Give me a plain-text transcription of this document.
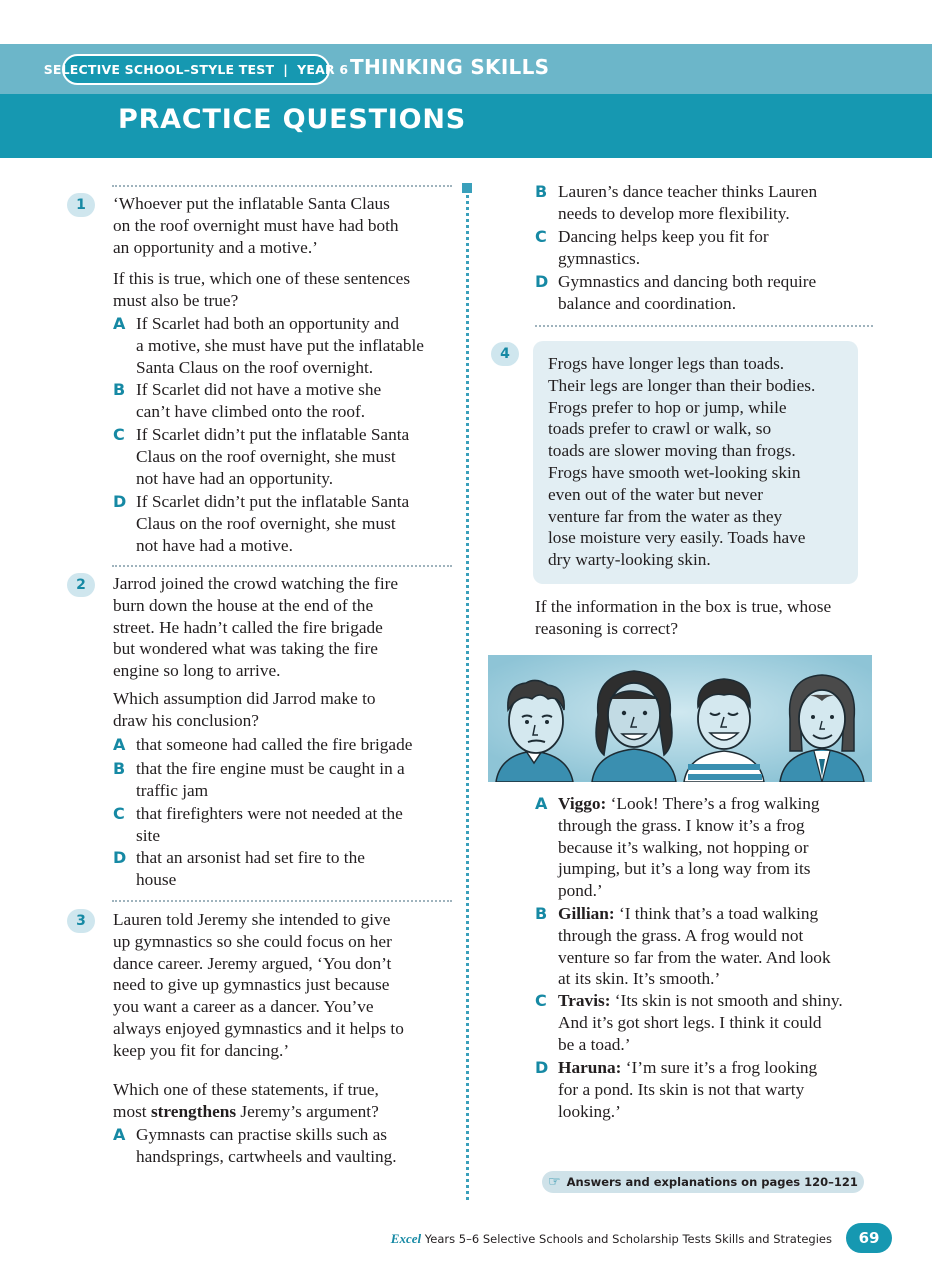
SELECTIVE SCHOOL–STYLE TEST  |  YEAR 6 THINKING SKILLS
PRACTICE QUESTIONS
1	‘Whoever put the inflatable Santa Claus
on the roof overnight must have had both
an opportunity and a motive.’
If this is true, which one of these sentences
must also be true?
A If Scarlet had both an opportunity and
a motive, she must have put the inflatable
Santa Claus on the roof overnight.
B If Scarlet did not have a motive she
can’t have climbed onto the roof.
C If Scarlet didn’t put the inflatable Santa
Claus on the roof overnight, she must
not have had an opportunity.
D If Scarlet didn’t put the inflatable Santa
Claus on the roof overnight, she must
not have had a motive.
2	Jarrod joined the crowd watching the fire
burn down the house at the end of the
street. He hadn’t called the fire brigade
but wondered what was taking the fire
engine so long to arrive.
Which assumption did Jarrod make to
draw his conclusion?
A that someone had called the fire brigade
B that the fire engine must be caught in a
traffic jam
C that firefighters were not needed at the
site
D that an arsonist had set fire to the
house
3	Lauren told Jeremy she intended to give
up gymnastics so she could focus on her
dance career. Jeremy argued, ‘You don’t
need to give up gymnastics just because
you want a career as a dancer. You’ve
always enjoyed gymnastics and it helps to
keep you fit for dancing.’
Which one of these statements, if true,
most strengthens Jeremy’s argument?
A Gymnasts can practise skills such as
handsprings, cartwheels and vaulting.
B Lauren’s dance teacher thinks Lauren
needs to develop more flexibility.
C Dancing helps keep you fit for
gymnastics.
D Gymnastics and dancing both require
balance and coordination.
4	Frogs have longer legs than toads.
Their legs are longer than their bodies.
Frogs prefer to hop or jump, while
toads prefer to crawl or walk, so
toads are slower moving than frogs.
Frogs have smooth wet-looking skin
even out of the water but never
venture far from the water as they
lose moisture very easily. Toads have
dry warty-looking skin.
If the information in the box is true, whose
reasoning is correct?
A Viggo: ‘Look! There’s a frog walking
through the grass. I know it’s a frog
because it’s walking, not hopping or
jumping, but it’s a long way from its
pond.’
B Gillian: ‘I think that’s a toad walking
through the grass. A frog would not
venture so far from the water. And look
at its skin. It’s smooth.’
C Travis: ‘Its skin is not smooth and shiny.
And it’s got short legs. I think it could
be a toad.’
D Haruna: ‘I’m sure it’s a frog looking
for a pond. Its skin is not that warty
looking.’
☞ Answers and explanations on pages 120–121
Excel Years 5–6 Selective Schools and Scholarship Tests Skills and Strategies	69
